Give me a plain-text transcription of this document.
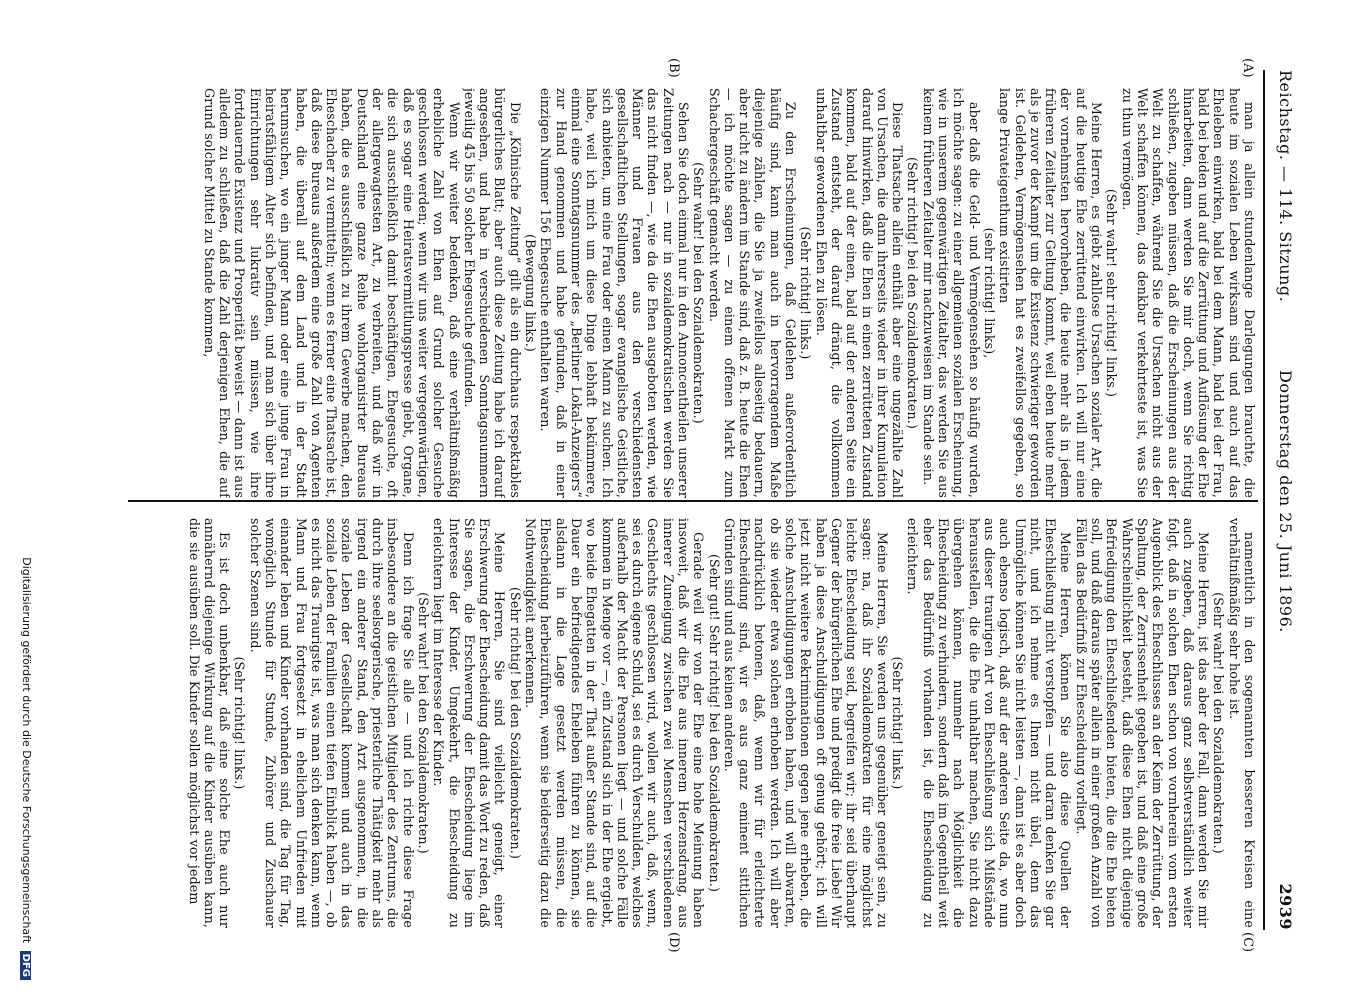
Reichstag. — 114. Sitzung.
Donnerstag den 25. Juni 1896.
2939
(A)
(B)
(C)
(D)

man ja allein stundenlange Darlegungen brauchte, die heute im sozialen Leben wirksam sind und auch auf das Eheleben einwirken, bald bei dem Mann, bald bei der Frau, bald bei beiden und auf die Zerrüttung und Auflösung der Ehe hinarbeiten, dann werden Sie mir doch, wenn Sie richtig schließen, zugeben müssen, daß die Erscheinungen aus der Welt zu schaffen, während Sie die Ursachen nicht aus der Welt schaffen können, das denkbar verkehrteste ist, was Sie zu thun vermögen.

(Sehr wahr! sehr richtig! links.)

Meine Herren, es giebt zahllose Ursachen sozialer Art, die auf die heutige Ehe zerrüttend einwirken. Ich will nur eine der vornehmsten hervorheben, die heute mehr als in jedem früheren Zeitalter zur Geltung kommt, weil eben heute mehr als je zuvor der Kampf um die Existenz schwieriger geworden ist. Geldehen, Vermögensehen hat es zweifellos gegeben, so lange Privateigenthum existirten

(sehr richtig! links),

aber daß die Geld- und Vermögensehen so häufig wurden, ich möchte sagen: zu einer allgemeinen sozialen Erscheinung, wie in unserem gegenwärtigen Zeitalter, das werden Sie aus keinem früheren Zeitalter mir nachzuweisen im Stande sein.

(Sehr richtig! bei den Sozialdemokraten.)

Diese Thatsache allein enthält aber eine ungezählte Zahl von Ursachen, die dann ihrerseits wieder in ihrer Kumulation darauf hinwirken, daß die Ehen in einen zerrütteten Zustand kommen, bald auf der einen, bald auf der anderen Seite ein Zustand entsteht, der darauf drängt, die vollkommen unhaltbar gewordenen Ehen zu lösen.

(Sehr richtig! links.)

Zu den Erscheinungen, daß Geldehen außerordentlich häufig sind, kann man auch in hervorragendem Maße diejenige zählen, die Sie ja zweifellos alleseitig bedauern, aber nicht zu ändern im Stande sind, daß z. B. heute die Ehen — ich möchte sagen — zu einem offenen Markt zum Schachergeschäft gemacht werden.

(Sehr wahr! bei den Sozialdemokraten.)

Sehen Sie doch einmal nur in den Annoncentheilen unserer Zeitungen nach — nur in sozialdemokratischen werden Sie das nicht finden —, wie da die Ehen ausgeboten werden, wie Männer und Frauen aus den verschiedensten gesellschaftlichen Stellungen, sogar evangelische Geistliche, sich anbieten, um eine Frau oder einen Mann zu suchen. Ich habe, weil ich mich um diese Dinge lebhaft bekümmere, einmal eine Sonntagsnummer des „Berliner Lokal-Anzeigers“ zur Hand genommen und habe gefunden, daß in einer einzigen Nummer 156 Ehegesuche enthalten waren.

(Bewegung links.)

Die „Kölnische Zeitung“ gilt als ein durchaus respektables bürgerliches Blatt; aber auch diese Zeitung habe ich darauf angesehen, und habe in verschiedenen Sonntagsnummern jeweilig 45 bis 50 solcher Ehegesuche gefunden.

Wenn wir weiter bedenken, daß eine verhältnißmäßig erhebliche Zahl von Ehen auf Grund solcher Gesuche geschlossen werden; wenn wir uns weiter vergegenwärtigen, daß es sogar eine Heiratsvermittlungspresse giebt, Organe, die sich ausschließlich damit beschäftigen, Ehegesuche, oft der allergewagtesten Art, zu verbreiten, und daß wir in Deutschland eine ganze Reihe wohlorganisirter Bureaus haben, die es ausschließlich zu ihrem Gewerbe machen, den Eheschacher zu vermitteln; wenn es ferner eine Thatsache ist, daß diese Bureaus außerdem eine große Zahl von Agenten haben, die überall auf dem Land und in der Stadt herumsuchen, wo ein junger Mann oder eine junge Frau in heiratsfähigem Alter sich befinden, und man sich über ihre Einrichtungen sehr lukrativ sein müssen, wie ihre fortdauernde Existenz und Prosperität beweist — dann ist aus alledem zu schließen, daß die Zahl derjenigen Ehen, die auf Grund solcher Mittel zu Stande kommen,

namentlich in den sogenannten besseren Kreisen eine verhältnißmäßig sehr hohe ist.

(Sehr wahr! bei den Sozialdemokraten.)

Meine Herren, ist das aber der Fall, dann werden Sie mir auch zugeben, daß daraus ganz selbstverständlich weiter folgt, daß in solchen Ehen schon von vornherein vom ersten Augenblick des Eheschlusses an der Keim der Zerrüttung, der Spaltung, der Zerrissenheit gegeben ist, und daß eine große Wahrscheinlichkeit besteht, daß diese Ehen nicht diejenige Befriedigung den Eheschließenden bieten, die die Ehe bieten soll, und daß daraus später allein in einer großen Anzahl von Fällen das Bedürfniß zur Ehescheidung vorliegt.

Meine Herren, können Sie also diese Quellen der Eheschließung nicht verstopfen — und daran denken Sie gar nicht, und ich nehme es Ihnen nicht übel, denn das Unmögliche können Sie nicht leisten —, dann ist es aber doch auch ebenso logisch, daß auf der anderen Seite da, wo nun aus dieser traurigen Art von Eheschließung sich Mißstände herausstellen, die die Ehe unhaltbar machen, Sie nicht dazu übergehen können, nunmehr nach Möglichkeit die Ehescheidung zu verhindern, sondern daß im Gegentheil weit eher das Bedürfniß vorhanden ist, die Ehescheidung zu erleichtern.

(Sehr richtig! links.)

Meine Herren, Sie werden uns gegenüber geneigt sein, zu sagen: na, daß ihr Sozialdemokraten für eine möglichst leichte Ehescheidung seid, begreifen wir; ihr seid überhaupt Gegner der bürgerlichen Ehe und predigt die freie Liebe! Wir haben ja diese Anschuldigungen oft genug gehört; ich will jetzt nicht weitere Rekriminationen gegen jene erheben, die solche Anschuldigungen erhoben haben, und will abwarten, ob sie wieder etwa solchen erhoben werden. Ich will aber nachdrücklich betonen, daß, wenn wir für erleichterte Ehescheidung sind, wir es aus ganz eminent sittlichen Gründen sind und aus keinen anderen.

(Sehr gut! Sehr richtig! bei den Sozialdemokraten.)

Gerade weil wir von der Ehe eine hohe Meinung haben insoweit, daß wir die Ehe aus innerem Herzensdrang, aus innerer Zuneigung zwischen zwei Menschen verschiedenen Geschlechts geschlossen wird, wollen wir auch, daß, wenn, sei es durch eigene Schuld, sei es durch Verschulden, welches außerhalb der Macht der Personen liegt — und solche Fälle kommen in Menge vor —, ein Zustand sich in der Ehe ergiebt, wo beide Ehegatten in der That außer Stande sind, auf die Dauer ein befriedigendes Eheleben führen zu können, sie alsdann in die Lage gesetzt werden müssen, die Ehescheidung herbeizuführen, wenn sie beiderseitig dazu die Nothwendigkeit anerkennen.

(Sehr richtig! bei den Sozialdemokraten.)

Meine Herren, Sie sind vielleicht geneigt, einer Erschwerung der Ehescheidung damit das Wort zu reden, daß Sie sagen, die Erschwerung der Ehescheidung liege im Interesse der Kinder. Umgekehrt, die Ehescheidung zu erleichtern liegt im Interesse der Kinder.

(Sehr wahr! bei den Sozialdemokraten.)

Denn ich frage Sie alle — und ich richte diese Frage insbesondere an die geistlichen Mitglieder des Zentrums, die durch ihre seelsorgerische, priesterliche Thätigkeit mehr als irgend ein anderer Stand, den Arzt ausgenommen, in die soziale Leben der Gesellschaft kommen und auch in das soziale Leben der Familien einen tiefen Einblick haben —, ob es nicht das Traurigste ist, was man sich denken kann, wenn Mann und Frau fortgesetzt in ehelichem Unfrieden mit einander leben und Kinder vorhanden sind, die Tag für Tag, womöglich Stunde für Stunde, Zuhörer und Zuschauer solcher Szenen sind.

(Sehr richtig! links.)

Es ist doch unbenkbar, daß eine solche Ehe auch nur annähernd diejenige Wirkung auf die Kinder ausüben kann, die sie ausüben soll. Die Kinder sollen möglichst vor jedem

Digitalisierung gefördert durch die Deutsche Forschungsgemeinschaft DFG
